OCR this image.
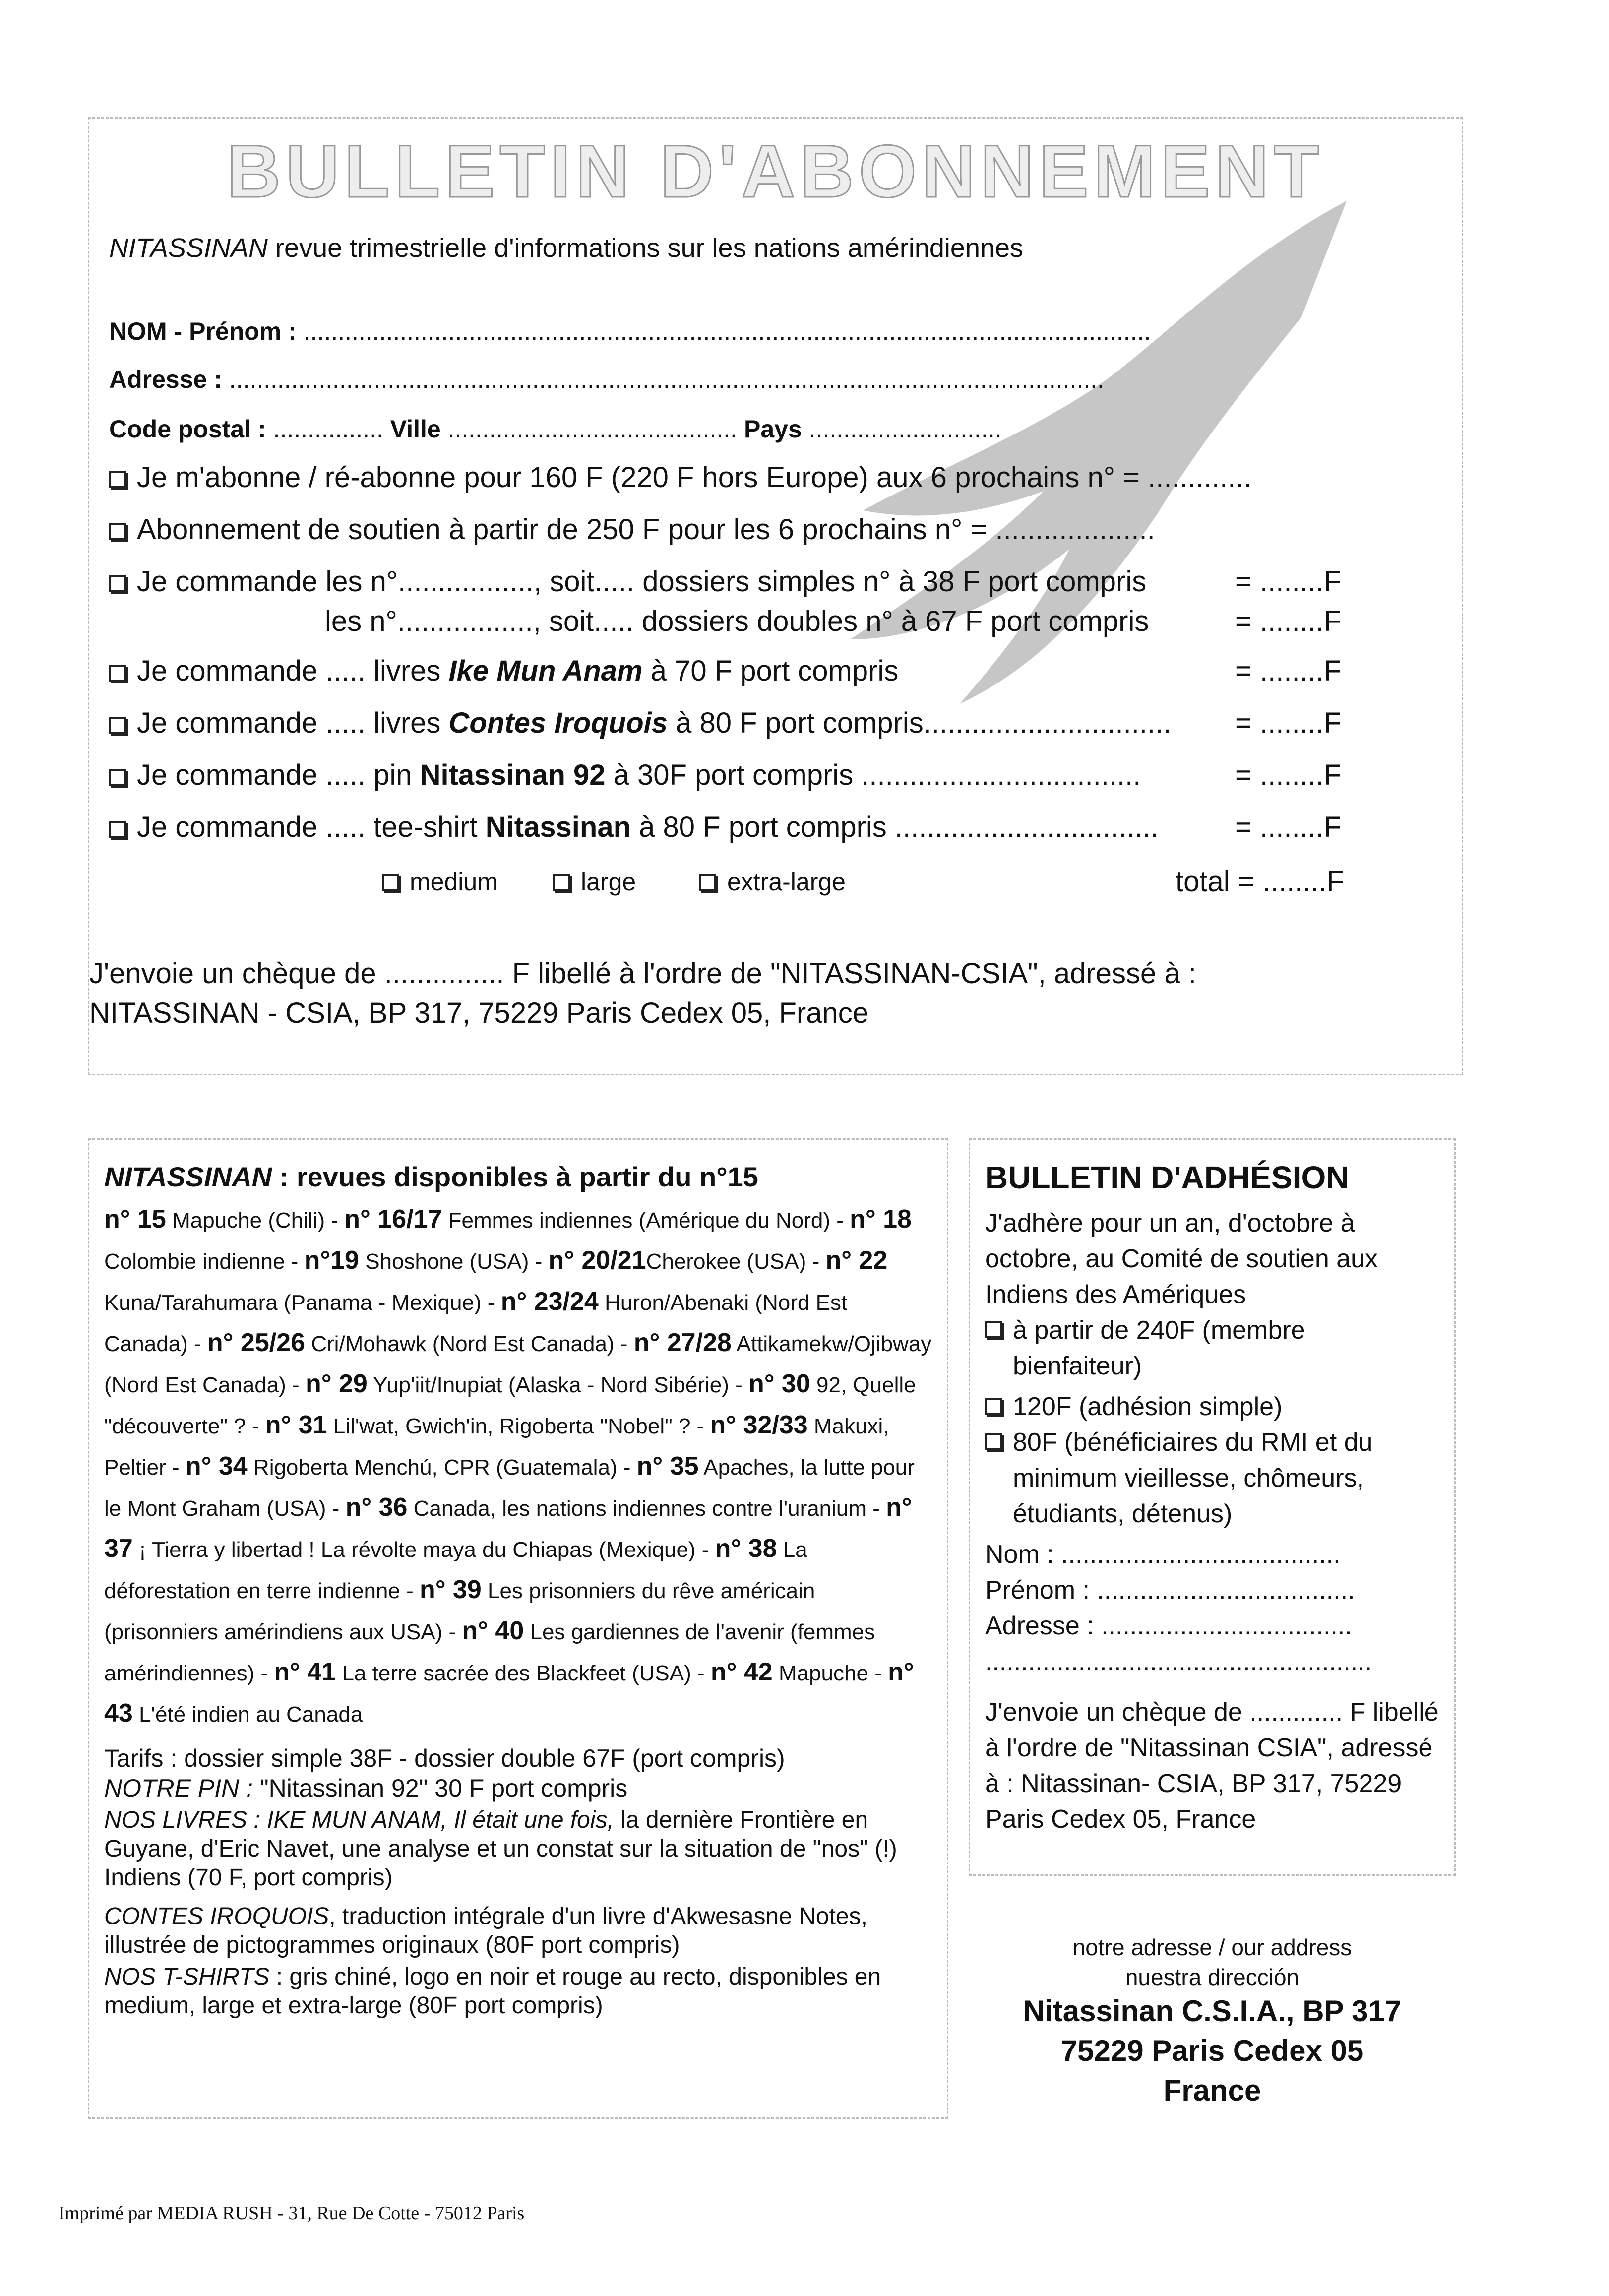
BULLETIN D'ABONNEMENT
NITASSINAN revue trimestrielle d'informations sur les nations amérindiennes
NOM - Prénom : ...........................................................................................................................
Adresse : ...............................................................................................................................
Code postal : ................ Ville .......................................... Pays ............................
Je m'abonne / ré-abonne pour 160 F (220 F hors Europe) aux 6 prochains n° = .............
Abonnement de soutien à partir de 250 F pour les 6 prochains n° = ....................
Je commande les n°................., soit..... dossiers simples n° à 38 F port compris	= ........F
les n°................., soit..... dossiers doubles n° à 67 F port compris	= ........F
Je commande ..... livres Ike Mun Anam à 70 F port compris	= ........F
Je commande ..... livres Contes Iroquois à 80 F port compris............................... = ........F
Je commande ..... pin Nitassinan 92 à 30F port compris ...................................	= ........F
Je commande ..... tee-shirt Nitassinan à 80 F port compris .................................	= ........F
medium	large	extra-large	total = ........F
J'envoie un chèque de ............... F libellé à l'ordre de "NITASSINAN-CSIA", adressé à :
NITASSINAN - CSIA, BP 317, 75229 Paris Cedex 05, France
NITASSINAN : revues disponibles à partir du n°15
n° 15 Mapuche (Chili) - n° 16/17 Femmes indiennes (Amérique du Nord) - n° 18 Colombie indienne - n°19 Shoshone (USA) - n° 20/21Cherokee (USA) - n° 22 Kuna/Tarahumara (Panama - Mexique) - n° 23/24 Huron/Abenaki (Nord Est Canada) - n° 25/26 Cri/Mohawk (Nord Est Canada) - n° 27/28 Attikamekw/Ojibway (Nord Est Canada) - n° 29 Yup'iit/Inupiat (Alaska - Nord Sibérie) - n° 30 92, Quelle "découverte" ? - n° 31 Lil'wat, Gwich'in, Rigoberta "Nobel" ? - n° 32/33 Makuxi, Peltier - n° 34 Rigoberta Menchú, CPR (Guatemala) - n° 35 Apaches, la lutte pour le Mont Graham (USA) - n° 36 Canada, les nations indiennes contre l'uranium - n° 37 ¡ Tierra y libertad ! La révolte maya du Chiapas (Mexique) - n° 38 La déforestation en terre indienne - n° 39 Les prisonniers du rêve américain (prisonniers amérindiens aux USA) - n° 40 Les gardiennes de l'avenir (femmes amérindiennes) - n° 41 La terre sacrée des Blackfeet (USA) - n° 42 Mapuche - n° 43 L'été indien au Canada

Tarifs : dossier simple 38F - dossier double 67F (port compris)

NOTRE PIN : "Nitassinan 92" 30 F port compris

NOS LIVRES : IKE MUN ANAM, Il était une fois, la dernière Frontière en Guyane, d'Eric Navet, une analyse et un constat sur la situation de "nos" (!) Indiens (70 F, port compris)

CONTES IROQUOIS, traduction intégrale d'un livre d'Akwesasne Notes, illustrée de pictogrammes originaux (80F port compris)

NOS T-SHIRTS : gris chiné, logo en noir et rouge au recto, disponibles en medium, large et extra-large (80F port compris)

BULLETIN D'ADHÉSION
J'adhère pour un an, d'octobre à octobre, au Comité de soutien aux Indiens des Amériques
à partir de 240F (membre bienfaiteur)
120F (adhésion simple)
80F (bénéficiaires du RMI et du minimum vieillesse, chômeurs, étudiants, détenus)
Nom : .......................................
Prénom : ....................................
Adresse : ...................................
......................................................
J'envoie un chèque de ............. F libellé à l'ordre de "Nitassinan CSIA", adressé à : Nitassinan- CSIA, BP 317, 75229 Paris Cedex 05, France
notre adresse / our address
nuestra dirección
Nitassinan C.S.I.A., BP 317
75229 Paris Cedex 05
France
Imprimé par MEDIA RUSH - 31, Rue De Cotte - 75012 Paris
